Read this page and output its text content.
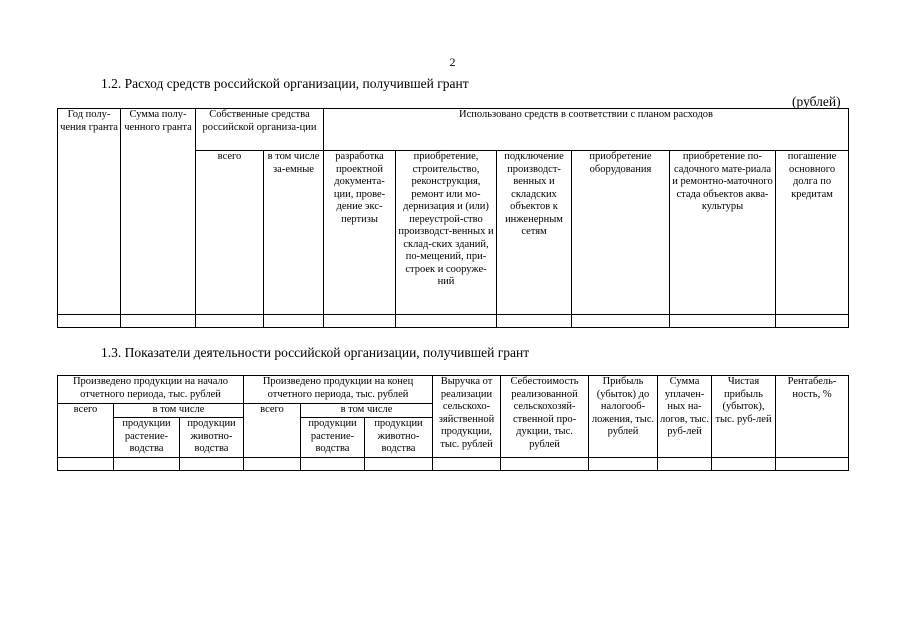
2
1.2. Расход средств российской организации, получившей грант
(рублей)
Год полу-чения гранта	Сумма полу-ченного гранта	Собственные средства российской организа-ции		Использовано средств в соответствии с планом расходов					
		всего	в том числе за-емные	разработка проектной документа-ции, прове-дение экс-пертизы	приобретение, строительство, реконструкция, ремонт или мо-дернизация и (или) переустрой-ство производст-венных и склад-ских зданий, по-мещений, при-строек и сооруже-ний	подключение производст-венных и складских объектов к инженерным сетям	приобретение оборудования	приобретение по-садочного мате-риала и ремонтно-маточного стада объектов аква-культуры	погашение основного долга по кредитам

1.3. Показатели деятельности российской организации, получившей грант
Произведено продукции на начало отчетного периода, тыс. рублей			Произведено продукции на конец отчетного периода, тыс. рублей			Выручка от реализации сельскохо-зяйственной продукции, тыс. рублей	Себестоимость реализованной сельскохозяй-ственной про-дукции, тыс. рублей	Прибыль (убыток) до налогооб-ложения, тыс. рублей	Сумма уплачен-ных на-логов, тыс. руб-лей	Чистая прибыль (убыток), тыс. руб-лей	Рентабель-ность, %
всего	в том числе		всего	в том числе							
	продукции растение-водства	продукции животно-водства		продукции растение-водства	продукции животно-водства						
